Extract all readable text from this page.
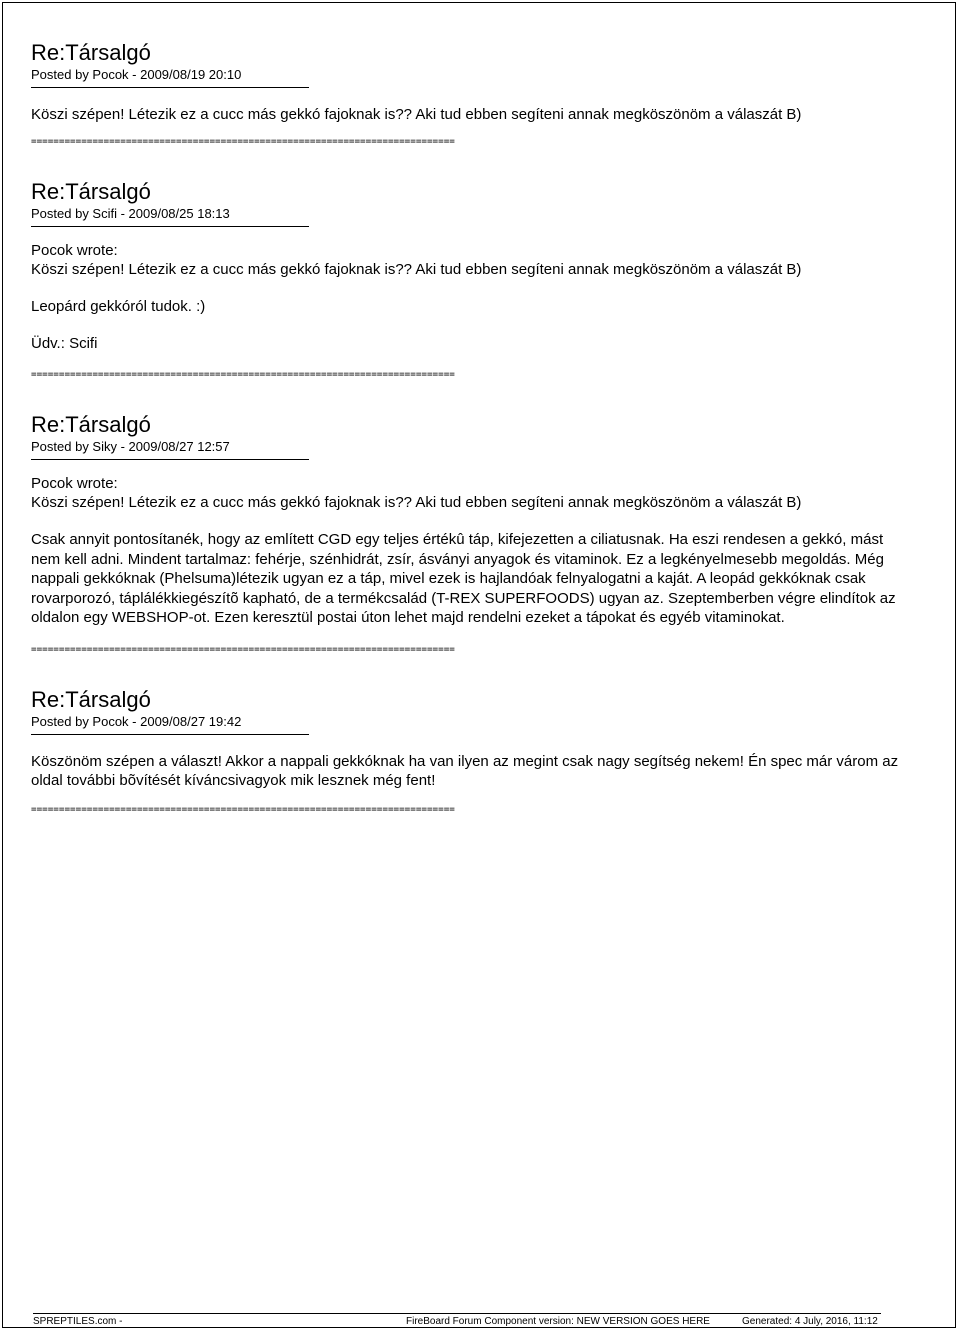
Re:Társalgó
Posted by Pocok - 2009/08/19 20:10

Köszi szépen! Létezik ez a cucc más gekkó fajoknak is?? Aki tud ebben segíteni annak megköszönöm a válaszát B)

============================================================================
Re:Társalgó
Posted by Scifi - 2009/08/25 18:13
Pocok wrote:
Köszi szépen! Létezik ez a cucc más gekkó fajoknak is?? Aki tud ebben segíteni annak megköszönöm a válaszát B)

Leopárd gekkóról tudok. :)

Üdv.: Scifi

============================================================================
Re:Társalgó
Posted by Siky - 2009/08/27 12:57
Pocok wrote:
Köszi szépen! Létezik ez a cucc más gekkó fajoknak is?? Aki tud ebben segíteni annak megköszönöm a válaszát B)

Csak annyit pontosítanék, hogy az említett CGD egy teljes értékû táp, kifejezetten a ciliatusnak. Ha eszi rendesen a gekkó, mást nem kell adni. Mindent tartalmaz: fehérje, szénhidrát, zsír, ásványi anyagok és vitaminok. Ez a legkényelmesebb megoldás. Még nappali gekkóknak (Phelsuma)létezik ugyan ez a táp, mivel ezek is hajlandóak felnyalogatni a kaját. A leopád gekkóknak csak rovarporozó, táplálékkiegészítõ kapható, de a termékcsalád (T-REX SUPERFOODS) ugyan az. Szeptemberben végre elindítok az oldalon egy WEBSHOP-ot. Ezen keresztül postai úton lehet majd rendelni ezeket a tápokat és egyéb vitaminokat.

============================================================================
Re:Társalgó
Posted by Pocok - 2009/08/27 19:42

Köszönöm szépen a választ! Akkor a nappali gekkóknak ha van ilyen az megint csak nagy segítség nekem! Én spec már várom az oldal további bõvítését kíváncsivagyok mik lesznek még fent!

============================================================================
SPREPTILES.com -	FireBoard Forum Component version: NEW VERSION GOES HERE	Generated: 4 July, 2016, 11:12
